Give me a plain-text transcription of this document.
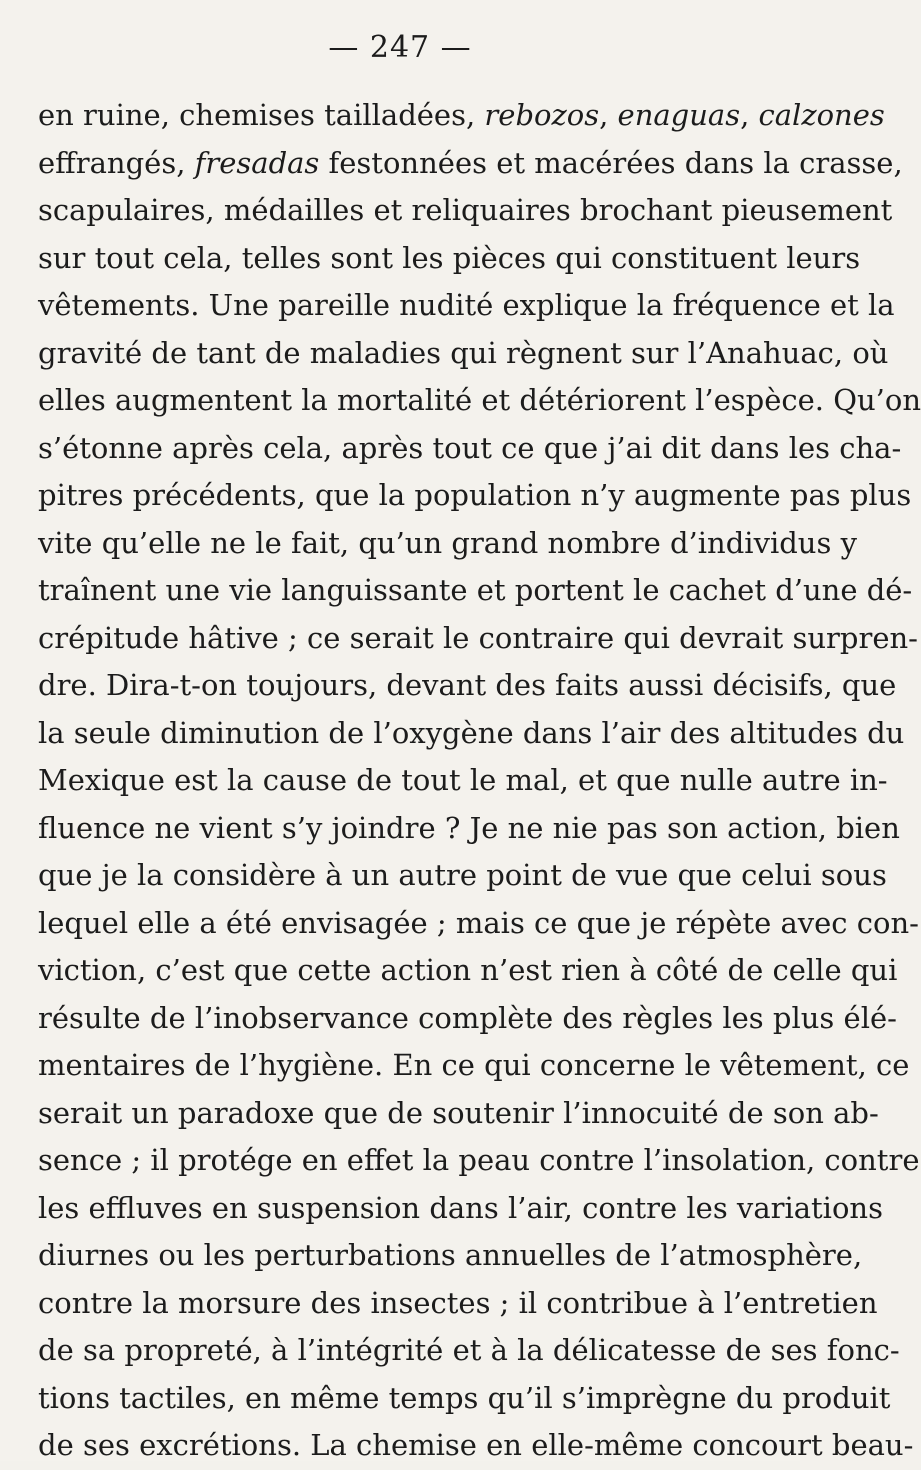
— 247 —
en ruine, chemises tailladées, rebozos, enaguas, calzones
effrangés, fresadas festonnées et macérées dans la crasse,
scapulaires, médailles et reliquaires brochant pieusement
sur tout cela, telles sont les pièces qui constituent leurs
vêtements. Une pareille nudité explique la fréquence et la
gravité de tant de maladies qui règnent sur l’Anahuac, où
elles augmentent la mortalité et détériorent l’espèce. Qu’on
s’étonne après cela, après tout ce que j’ai dit dans les cha-
pitres précédents, que la population n’y augmente pas plus
vite qu’elle ne le fait, qu’un grand nombre d’individus y
traînent une vie languissante et portent le cachet d’une dé-
crépitude hâtive ; ce serait le contraire qui devrait surpren-
dre. Dira-t-on toujours, devant des faits aussi décisifs, que
la seule diminution de l’oxygène dans l’air des altitudes du
Mexique est la cause de tout le mal, et que nulle autre in-
fluence ne vient s’y joindre ? Je ne nie pas son action, bien
que je la considère à un autre point de vue que celui sous
lequel elle a été envisagée ; mais ce que je répète avec con-
viction, c’est que cette action n’est rien à côté de celle qui
résulte de l’inobservance complète des règles les plus élé-
mentaires de l’hygiène. En ce qui concerne le vêtement, ce
serait un paradoxe que de soutenir l’innocuité de son ab-
sence ; il protége en effet la peau contre l’insolation, contre
les effluves en suspension dans l’air, contre les variations
diurnes ou les perturbations annuelles de l’atmosphère,
contre la morsure des insectes ; il contribue à l’entretien
de sa propreté, à l’intégrité et à la délicatesse de ses fonc-
tions tactiles, en même temps qu’il s’imprègne du produit
de ses excrétions. La chemise en elle-même concourt beau-
